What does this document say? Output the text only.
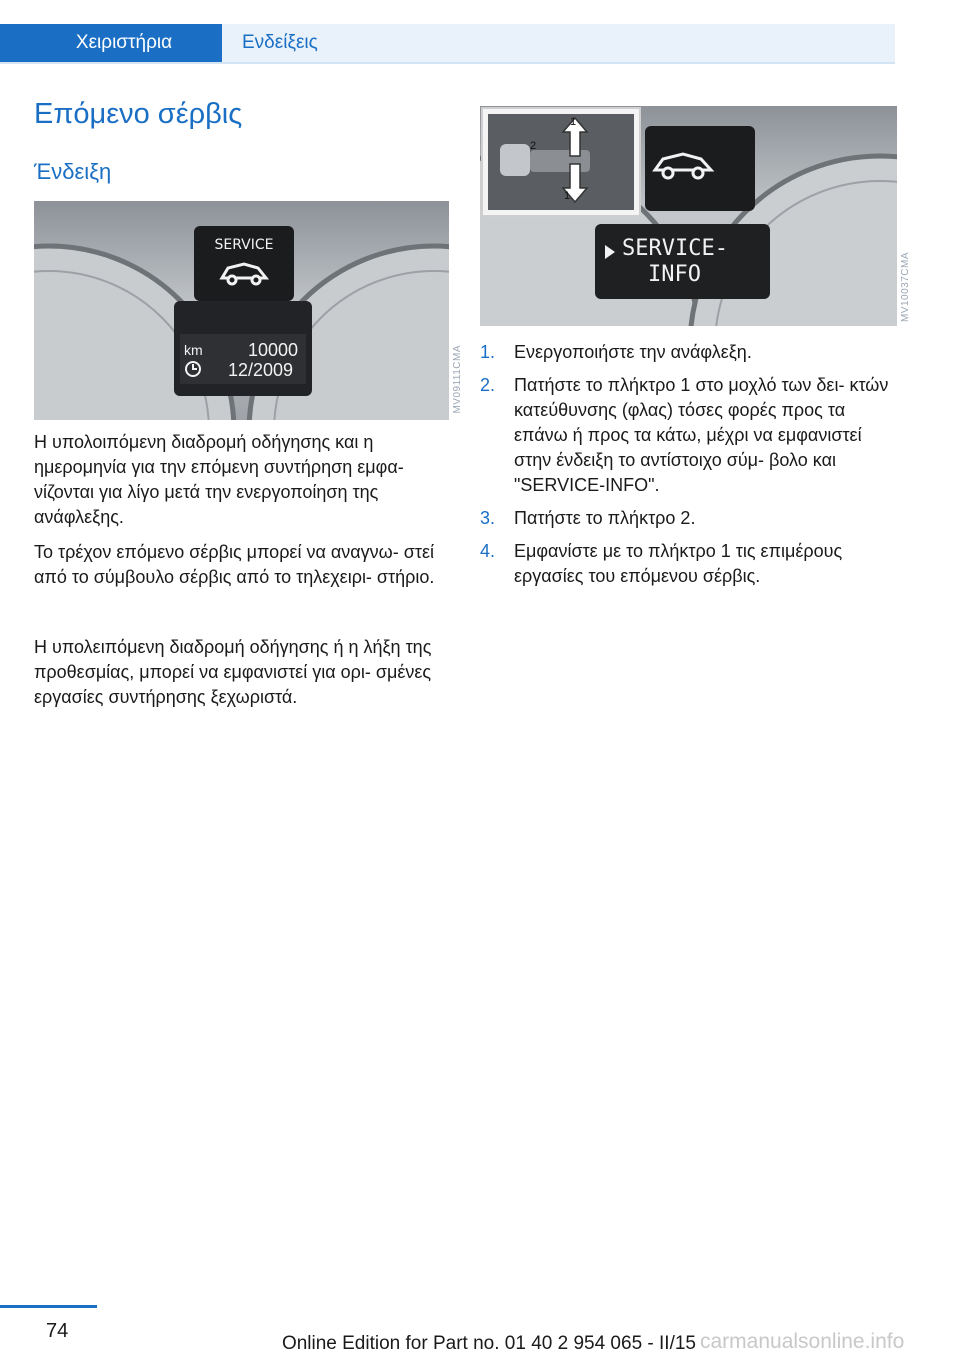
Χειριστήρια	Ενδείξεις
Επόμενο σέρβις
Ένδειξη
SERVICE
km	10000
12/2009	MV09111CMA
SERVICE-
INFO
1
1
2
MV10037CMA

Η υπολοιπόμενη διαδρομή οδήγησης και η ημερομηνία για την επόμενη συντήρηση εμφα- νίζονται για λίγο μετά την ενεργοποίηση της ανάφλεξης.

Το τρέχον επόμενο σέρβις μπορεί να αναγνω- στεί από το σύμβουλο σέρβις από το τηλεχειρι- στήριο.

Η υπολειπόμενη διαδρομή οδήγησης ή η λήξη της προθεσμίας, μπορεί να εμφανιστεί για ορι- σμένες εργασίες συντήρησης ξεχωριστά.

1.	Ενεργοποιήστε την ανάφλεξη.
2.	Πατήστε το πλήκτρο 1 στο μοχλό των δει- κτών κατεύθυνσης (φλας) τόσες φορές προς τα επάνω ή προς τα κάτω, μέχρι να εμφανιστεί στην ένδειξη το αντίστοιχο σύμ- βολο και "SERVICE-INFO".
3.	Πατήστε το πλήκτρο 2.
4.	Εμφανίστε με το πλήκτρο 1 τις επιμέρους εργασίες του επόμενου σέρβις.
74	carmanualsonline.info
Online Edition for Part no. 01 40 2 954 065 - II/15
